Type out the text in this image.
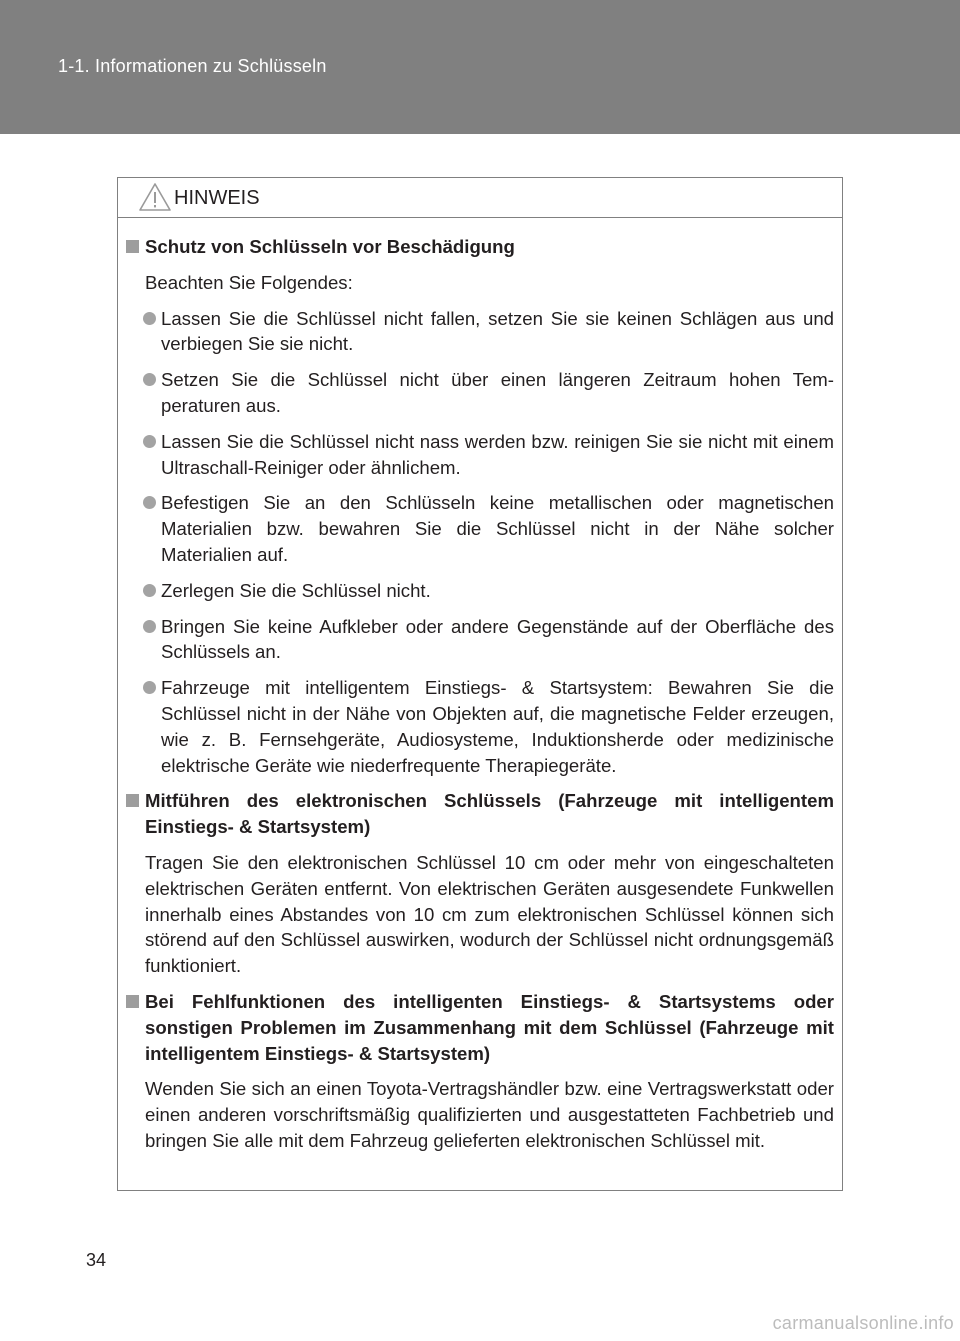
1-1. Informationen zu Schlüsseln
HINWEIS
Schutz von Schlüsseln vor Beschädigung
Beachten Sie Folgendes:
Lassen Sie die Schlüssel nicht fallen, setzen Sie sie keinen Schlägen aus und verbiegen Sie sie nicht.
Setzen Sie die Schlüssel nicht über einen längeren Zeitraum hohen Temperaturen aus.
Lassen Sie die Schlüssel nicht nass werden bzw. reinigen Sie sie nicht mit einem Ultraschall-Reiniger oder ähnlichem.
Befestigen Sie an den Schlüsseln keine metallischen oder magnetischen Materialien bzw. bewahren Sie die Schlüssel nicht in der Nähe solcher Materialien auf.
Zerlegen Sie die Schlüssel nicht.
Bringen Sie keine Aufkleber oder andere Gegenstände auf der Oberfläche des Schlüssels an.
Fahrzeuge mit intelligentem Einstiegs- & Startsystem: Bewahren Sie die Schlüssel nicht in der Nähe von Objekten auf, die magnetische Felder erzeugen, wie z. B. Fernsehgeräte, Audiosysteme, Induktionsherde oder medizinische elektrische Geräte wie niederfrequente Therapiegeräte.
Mitführen des elektronischen Schlüssels (Fahrzeuge mit intelligentem Einstiegs- & Startsystem)
Tragen Sie den elektronischen Schlüssel 10 cm oder mehr von eingeschalteten elektrischen Geräten entfernt. Von elektrischen Geräten ausgesendete Funkwellen innerhalb eines Abstandes von 10 cm zum elektronischen Schlüssel können sich störend auf den Schlüssel auswirken, wodurch der Schlüssel nicht ordnungsgemäß funktioniert.
Bei Fehlfunktionen des intelligenten Einstiegs- & Startsystems oder sonstigen Problemen im Zusammenhang mit dem Schlüssel (Fahrzeuge mit intelligentem Einstiegs- & Startsystem)
Wenden Sie sich an einen Toyota-Vertragshändler bzw. eine Vertragswerkstatt oder einen anderen vorschriftsmäßig qualifizierten und ausgestatteten Fachbetrieb und bringen Sie alle mit dem Fahrzeug gelieferten elektronischen Schlüssel mit.
34
carmanualsonline.info
